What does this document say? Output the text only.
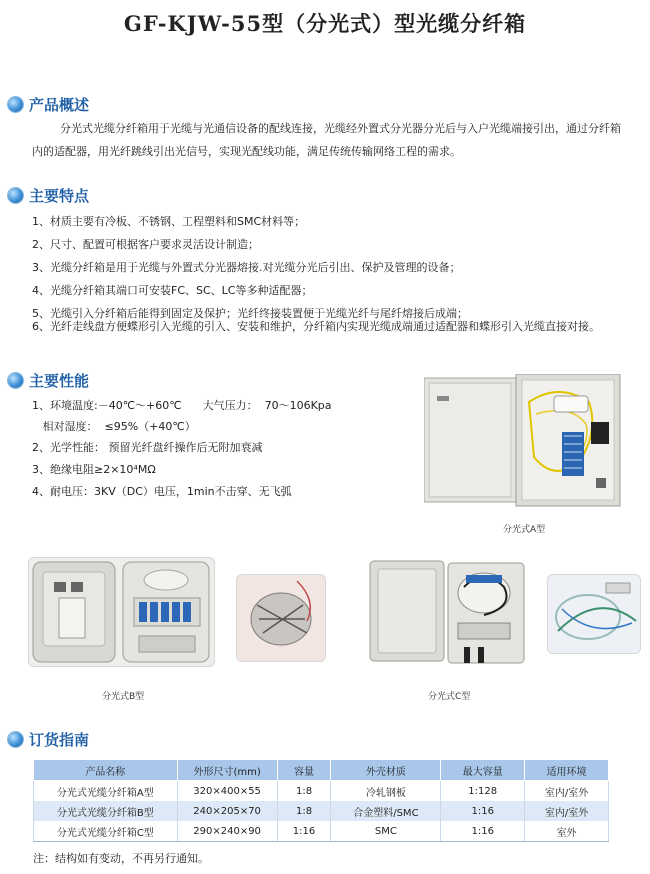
GF-KJW-55型（分光式）型光缆分纤箱
产品概述
分光式光缆分纤箱用于光缆与光通信设备的配线连接，光缆经外置式分光器分光后与入户光缆端接引出，通过分纤箱内的适配器，用光纤跳线引出光信号，实现光配线功能，满足传统传输网络工程的需求。
主要特点
1、材质主要有冷板、不锈钢、工程塑料和SMC材料等；
2、尺寸、配置可根据客户要求灵活设计制造；
3、光缆分纤箱是用于光缆与外置式分光器熔接.对光缆分光后引出、保护及管理的设备；
4、光缆分纤箱其端口可安装FC、SC、LC等多种适配器；
5、光缆引入分纤箱后能得到固定及保护；光纤终接装置便于光缆光纤与尾纤熔接后成端；
6、光纤走线盘方便蝶形引入光缆的引入、安装和维护，分纤箱内实现光缆成端通过适配器和蝶形引入光缆直接对接。
主要性能
1、环境温度:－40℃～+60℃      大气压力：  70～106Kpa
相对湿度：  ≤95%（+40℃）
2、光学性能： 预留光纤盘纤操作后无附加衰减
3、绝缘电阻≥2×10⁴MΩ
4、耐电压：3KV（DC）电压，1min不击穿、无飞弧
分光式A型
分光式B型	分光式C型
订货指南
产品名称	外形尺寸(mm)	容量	外壳材质	最大容量	适用环境
分光式光缆分纤箱A型	320×400×55	1:8	冷轧钢板	1:128	室内/室外
分光式光缆分纤箱B型	240×205×70	1:8	合金塑料/SMC	1:16	室内/室外
分光式光缆分纤箱C型	290×240×90	1:16	SMC	1:16	室外
注：结构如有变动，不再另行通知。
